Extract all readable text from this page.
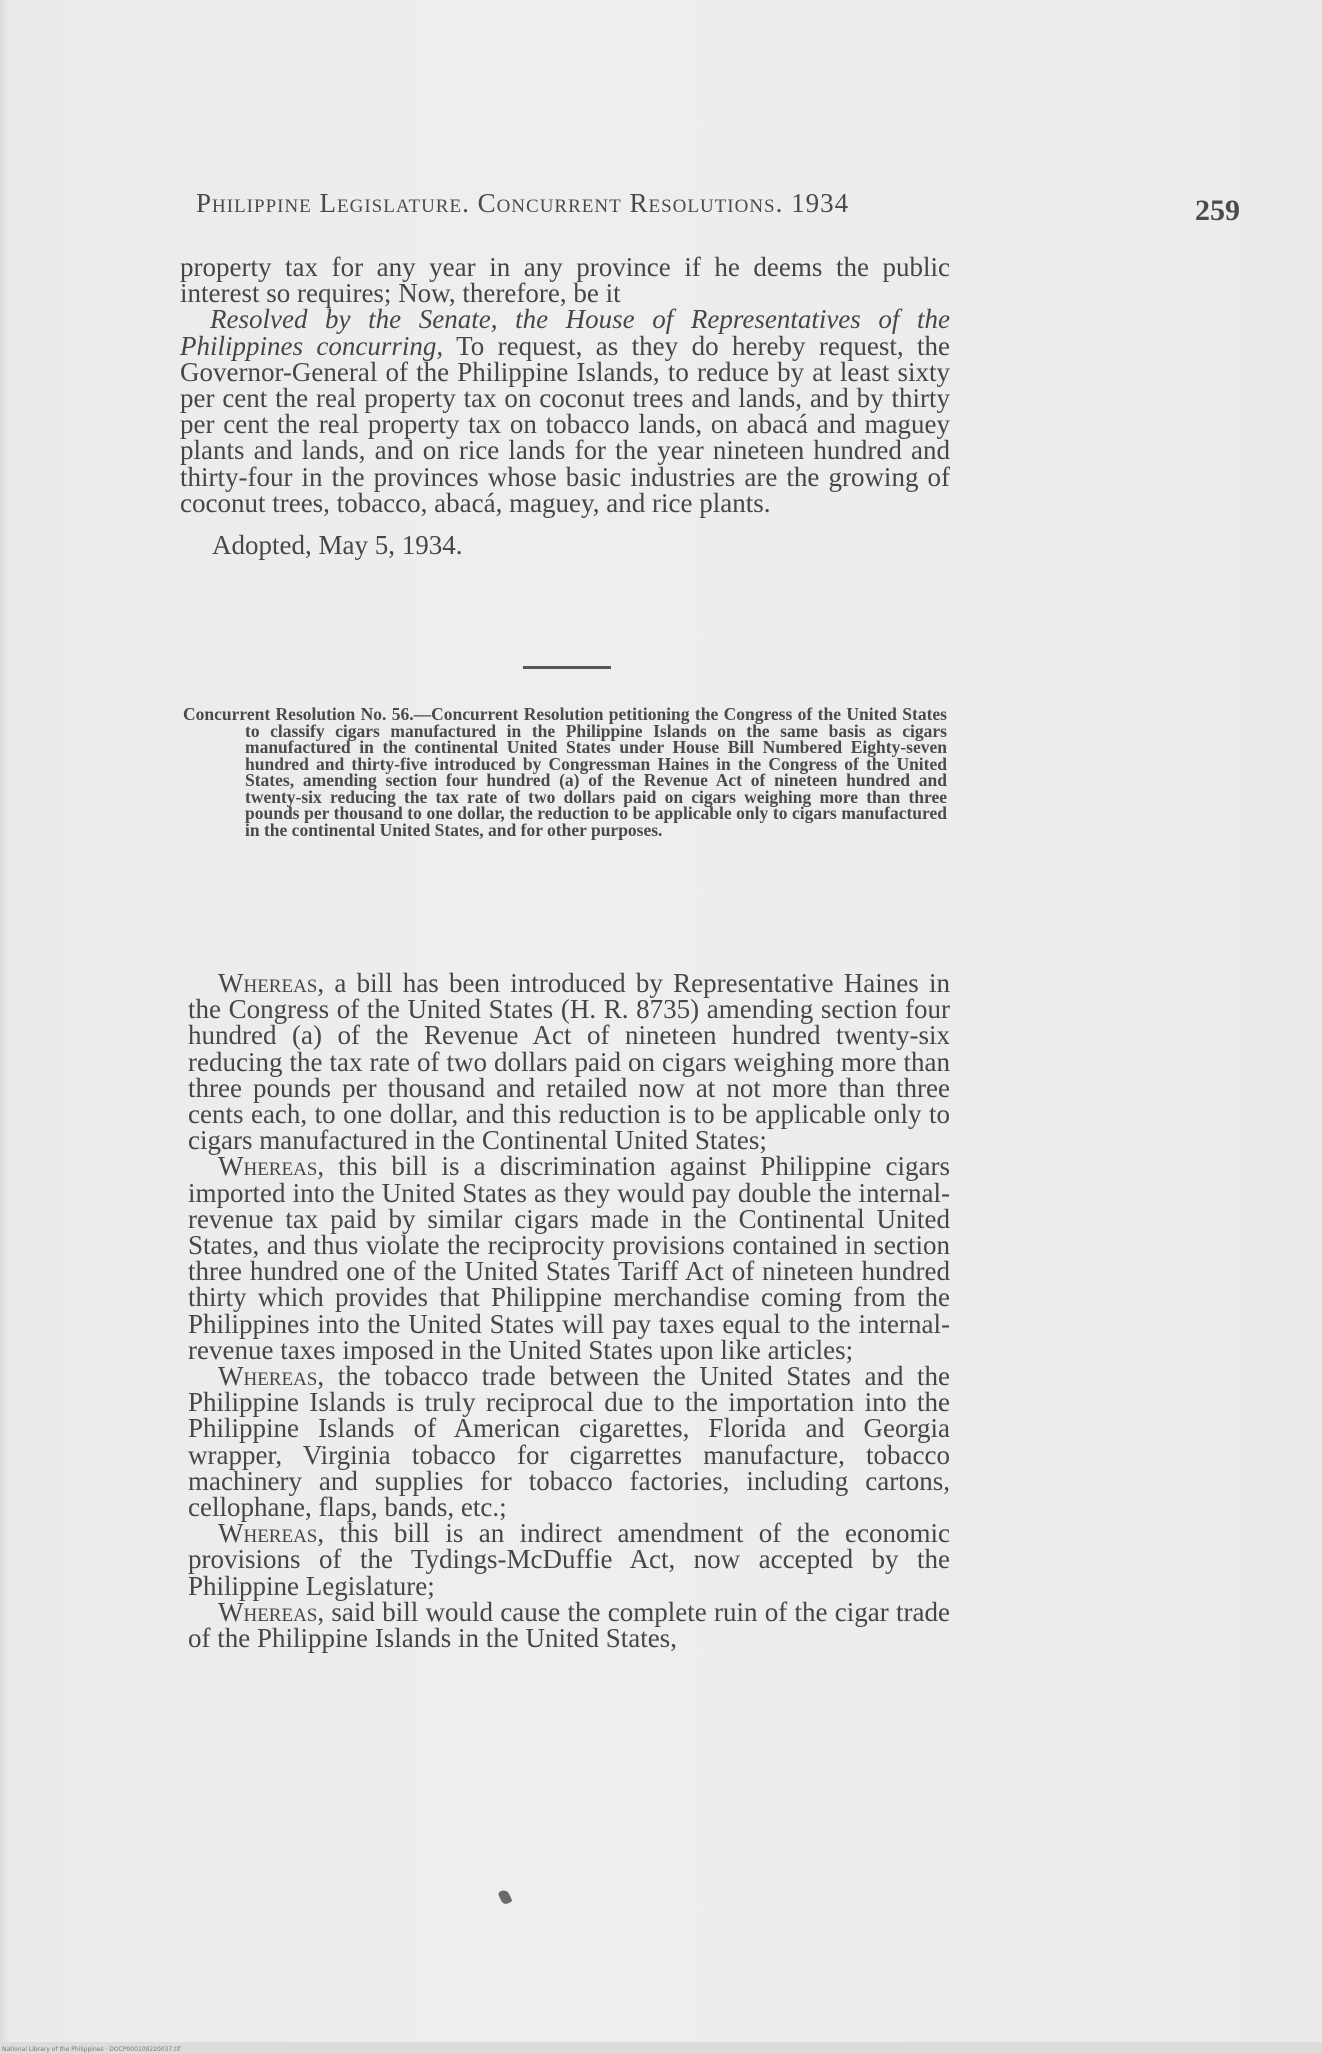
Philippine Legislature. Concurrent Resolutions. 1934	259

property tax for any year in any province if he deems the public interest so requires; Now, therefore, be it

Resolved by the Senate, the House of Representatives of the Philippines concurring, To request, as they do hereby request, the Governor-General of the Philippine Islands, to reduce by at least sixty per cent the real property tax on coconut trees and lands, and by thirty per cent the real property tax on tobacco lands, on abacá and maguey plants and lands, and on rice lands for the year nineteen hundred and thirty-four in the provinces whose basic industries are the growing of coconut trees, tobacco, abacá, maguey, and rice plants.

Adopted, May 5, 1934.

Concurrent Resolution No. 56.—Concurrent Resolution petitioning the Congress of the United States to classify cigars manufactured in the Philippine Islands on the same basis as cigars manufactured in the continental United States under House Bill Numbered Eighty-seven hundred and thirty-five introduced by Congressman Haines in the Congress of the United States, amending section four hundred (a) of the Revenue Act of nineteen hundred and twenty-six reducing the tax rate of two dollars paid on cigars weighing more than three pounds per thousand to one dollar, the reduction to be applicable only to cigars manufactured in the continental United States, and for other purposes.

Whereas, a bill has been introduced by Representative Haines in the Congress of the United States (H. R. 8735) amending section four hundred (a) of the Revenue Act of nineteen hundred twenty-six reducing the tax rate of two dollars paid on cigars weighing more than three pounds per thousand and retailed now at not more than three cents each, to one dollar, and this reduction is to be applicable only to cigars manufactured in the Continental United States;

Whereas, this bill is a discrimination against Philippine cigars imported into the United States as they would pay double the internal-revenue tax paid by similar cigars made in the Continental United States, and thus violate the reciprocity provisions contained in section three hundred one of the United States Tariff Act of nineteen hundred thirty which provides that Philippine merchandise coming from the Philippines into the United States will pay taxes equal to the internal-revenue taxes imposed in the United States upon like articles;

Whereas, the tobacco trade between the United States and the Philippine Islands is truly reciprocal due to the importation into the Philippine Islands of American cigarettes, Florida and Georgia wrapper, Virginia tobacco for cigarrettes manufacture, tobacco machinery and supplies for tobacco factories, including cartons, cellophane, flaps, bands, etc.;

Whereas, this bill is an indirect amendment of the economic provisions of the Tydings-McDuffie Act, now accepted by the Philippine Legislature;

Whereas, said bill would cause the complete ruin of the cigar trade of the Philippine Islands in the United States,

National Library of the Philippines · DOCP000109220037.tif
